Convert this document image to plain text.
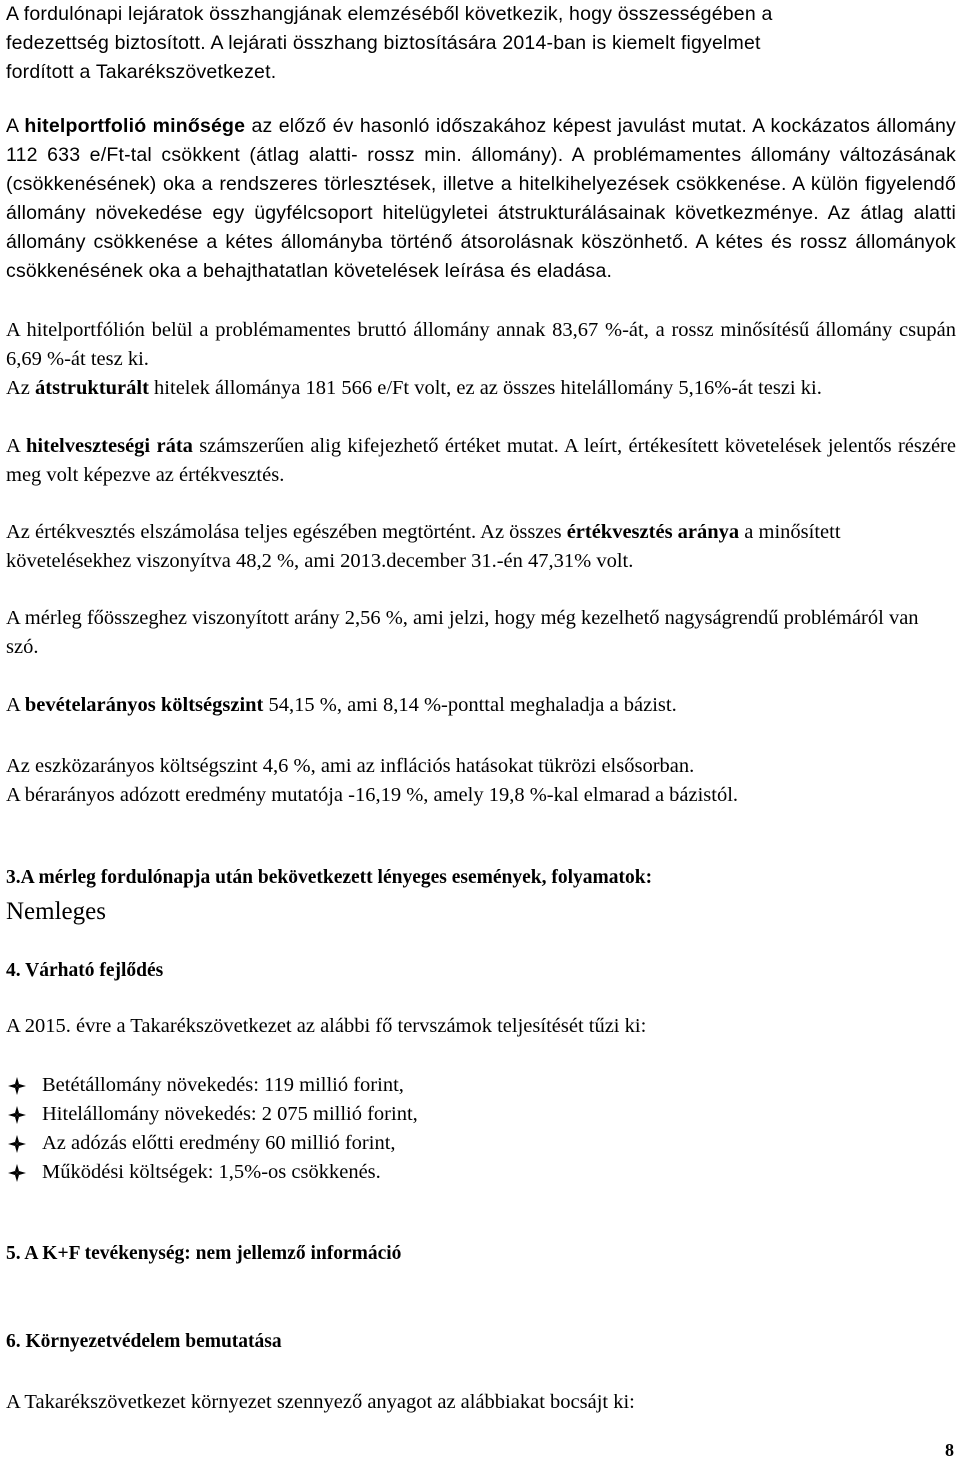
A fordulónapi lejáratok összhangjának elemzéséből következik, hogy összességében a
fedezettség biztosított. A lejárati összhang biztosítására 2014-ban is kiemelt figyelmet
fordított a Takarékszövetkezet.

A hitelportfolió minősége az előző év hasonló időszakához képest javulást mutat. A kockázatos állomány 112 633 e/Ft-tal csökkent (átlag alatti- rossz min. állomány). A problémamentes állomány változásának (csökkenésének) oka a rendszeres törlesztések, illetve a hitelkihelyezések csökkenése. A külön figyelendő állomány növekedése egy ügyfélcsoport hitelügyletei átstrukturálásainak következménye. Az átlag alatti állomány csökkenése a kétes állományba történő átsorolásnak köszönhető. A kétes és rossz állományok csökkenésének oka a behajthatatlan követelések leírása és eladása.

A hitelportfólión belül a problémamentes bruttó állomány annak 83,67 %-át, a rossz minősítésű állomány csupán 6,69 %-át tesz ki.

Az átstrukturált hitelek állománya 181 566 e/Ft volt, ez az összes hitelállomány 5,16%-át teszi ki.

A hitelveszteségi ráta számszerűen alig kifejezhető értéket mutat. A leírt, értékesített követelések jelentős részére meg volt képezve az értékvesztés.

Az értékvesztés elszámolása teljes egészében megtörtént. Az összes értékvesztés aránya a minősített követelésekhez viszonyítva 48,2 %, ami 2013.december 31.-én 47,31% volt.

A mérleg főösszeghez viszonyított arány 2,56 %, ami jelzi, hogy még kezelhető nagyságrendű problémáról van szó.

A bevételarányos költségszint 54,15 %, ami 8,14 %-ponttal meghaladja a bázist.

Az eszközarányos költségszint 4,6 %, ami az inflációs hatásokat tükrözi elsősorban.
A bérarányos adózott eredmény mutatója -16,19 %, amely 19,8 %-kal elmarad a bázistól.
3.A mérleg fordulónapja után bekövetkezett lényeges események, folyamatok:
Nemleges
4. Várható fejlődés

A 2015. évre a Takarékszövetkezet az alábbi fő tervszámok teljesítését tűzi ki:

Betétállomány növekedés: 119 millió forint,
Hitelállomány növekedés: 2 075 millió forint,
Az adózás előtti eredmény 60 millió forint,
Működési költségek: 1,5%-os csökkenés.
5. A K+F tevékenység: nem jellemző információ
6. Környezetvédelem bemutatása

A Takarékszövetkezet környezet szennyező anyagot az alábbiakat bocsájt ki:

8
